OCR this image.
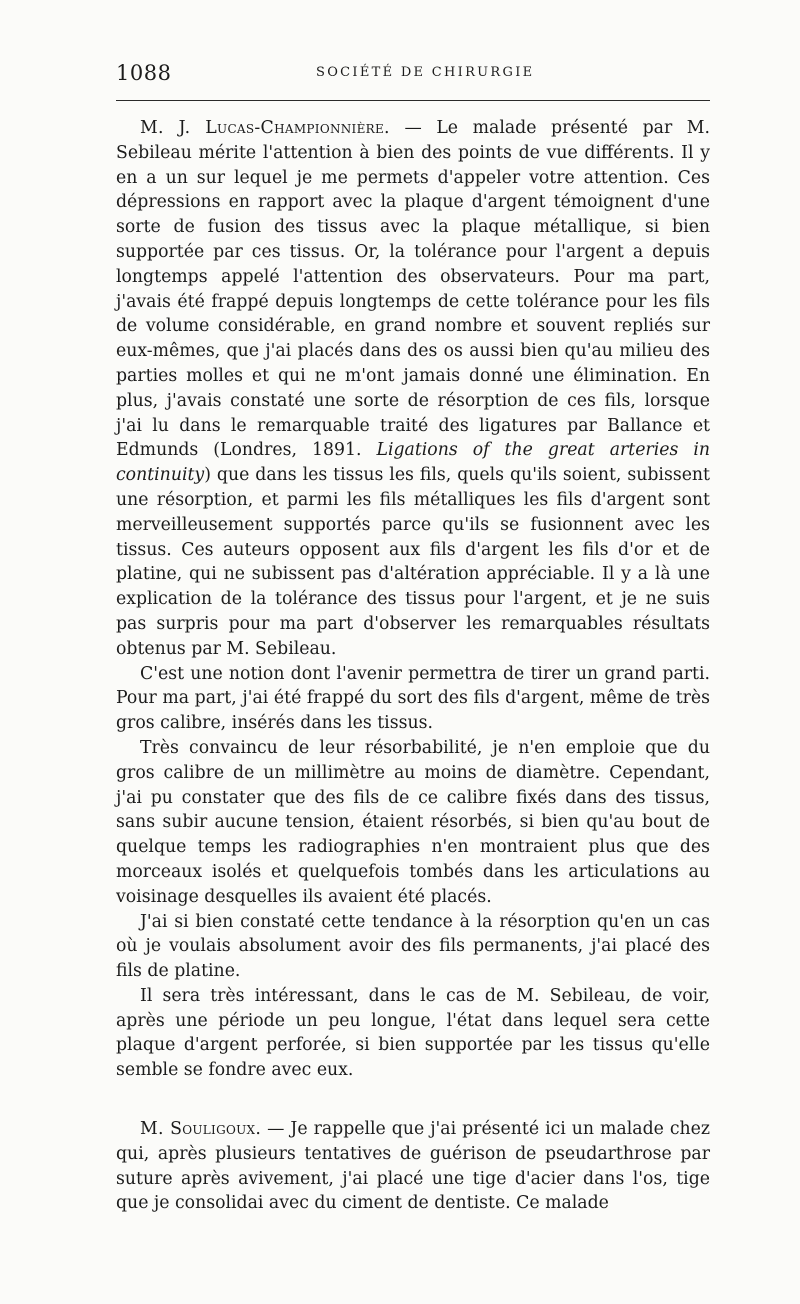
1088	SOCIÉTÉ DE CHIRURGIE

M. J. Lucas-Championnière. — Le malade présenté par M. Sebileau mérite l'attention à bien des points de vue différents. Il y en a un sur lequel je me permets d'appeler votre attention. Ces dépressions en rapport avec la plaque d'argent témoignent d'une sorte de fusion des tissus avec la plaque métallique, si bien supportée par ces tissus. Or, la tolérance pour l'argent a depuis longtemps appelé l'attention des observateurs. Pour ma part, j'avais été frappé depuis longtemps de cette tolérance pour les fils de volume considérable, en grand nombre et souvent repliés sur eux-mêmes, que j'ai placés dans des os aussi bien qu'au milieu des parties molles et qui ne m'ont jamais donné une élimination. En plus, j'avais constaté une sorte de résorption de ces fils, lorsque j'ai lu dans le remarquable traité des ligatures par Ballance et Edmunds (Londres, 1891. Ligations of the great arteries in continuity) que dans les tissus les fils, quels qu'ils soient, subissent une résorption, et parmi les fils métalliques les fils d'argent sont merveilleusement supportés parce qu'ils se fusionnent avec les tissus. Ces auteurs opposent aux fils d'argent les fils d'or et de platine, qui ne subissent pas d'altération appréciable. Il y a là une explication de la tolérance des tissus pour l'argent, et je ne suis pas surpris pour ma part d'observer les remarquables résultats obtenus par M. Sebileau.

C'est une notion dont l'avenir permettra de tirer un grand parti. Pour ma part, j'ai été frappé du sort des fils d'argent, même de très gros calibre, insérés dans les tissus.

Très convaincu de leur résorbabilité, je n'en emploie que du gros calibre de un millimètre au moins de diamètre. Cependant, j'ai pu constater que des fils de ce calibre fixés dans des tissus, sans subir aucune tension, étaient résorbés, si bien qu'au bout de quelque temps les radiographies n'en montraient plus que des morceaux isolés et quelquefois tombés dans les articulations au voisinage desquelles ils avaient été placés.

J'ai si bien constaté cette tendance à la résorption qu'en un cas où je voulais absolument avoir des fils permanents, j'ai placé des fils de platine.

Il sera très intéressant, dans le cas de M. Sebileau, de voir, après une période un peu longue, l'état dans lequel sera cette plaque d'argent perforée, si bien supportée par les tissus qu'elle semble se fondre avec eux.

M. Souligoux. — Je rappelle que j'ai présenté ici un malade chez qui, après plusieurs tentatives de guérison de pseudarthrose par suture après avivement, j'ai placé une tige d'acier dans l'os, tige que je consolidai avec du ciment de dentiste. Ce malade
